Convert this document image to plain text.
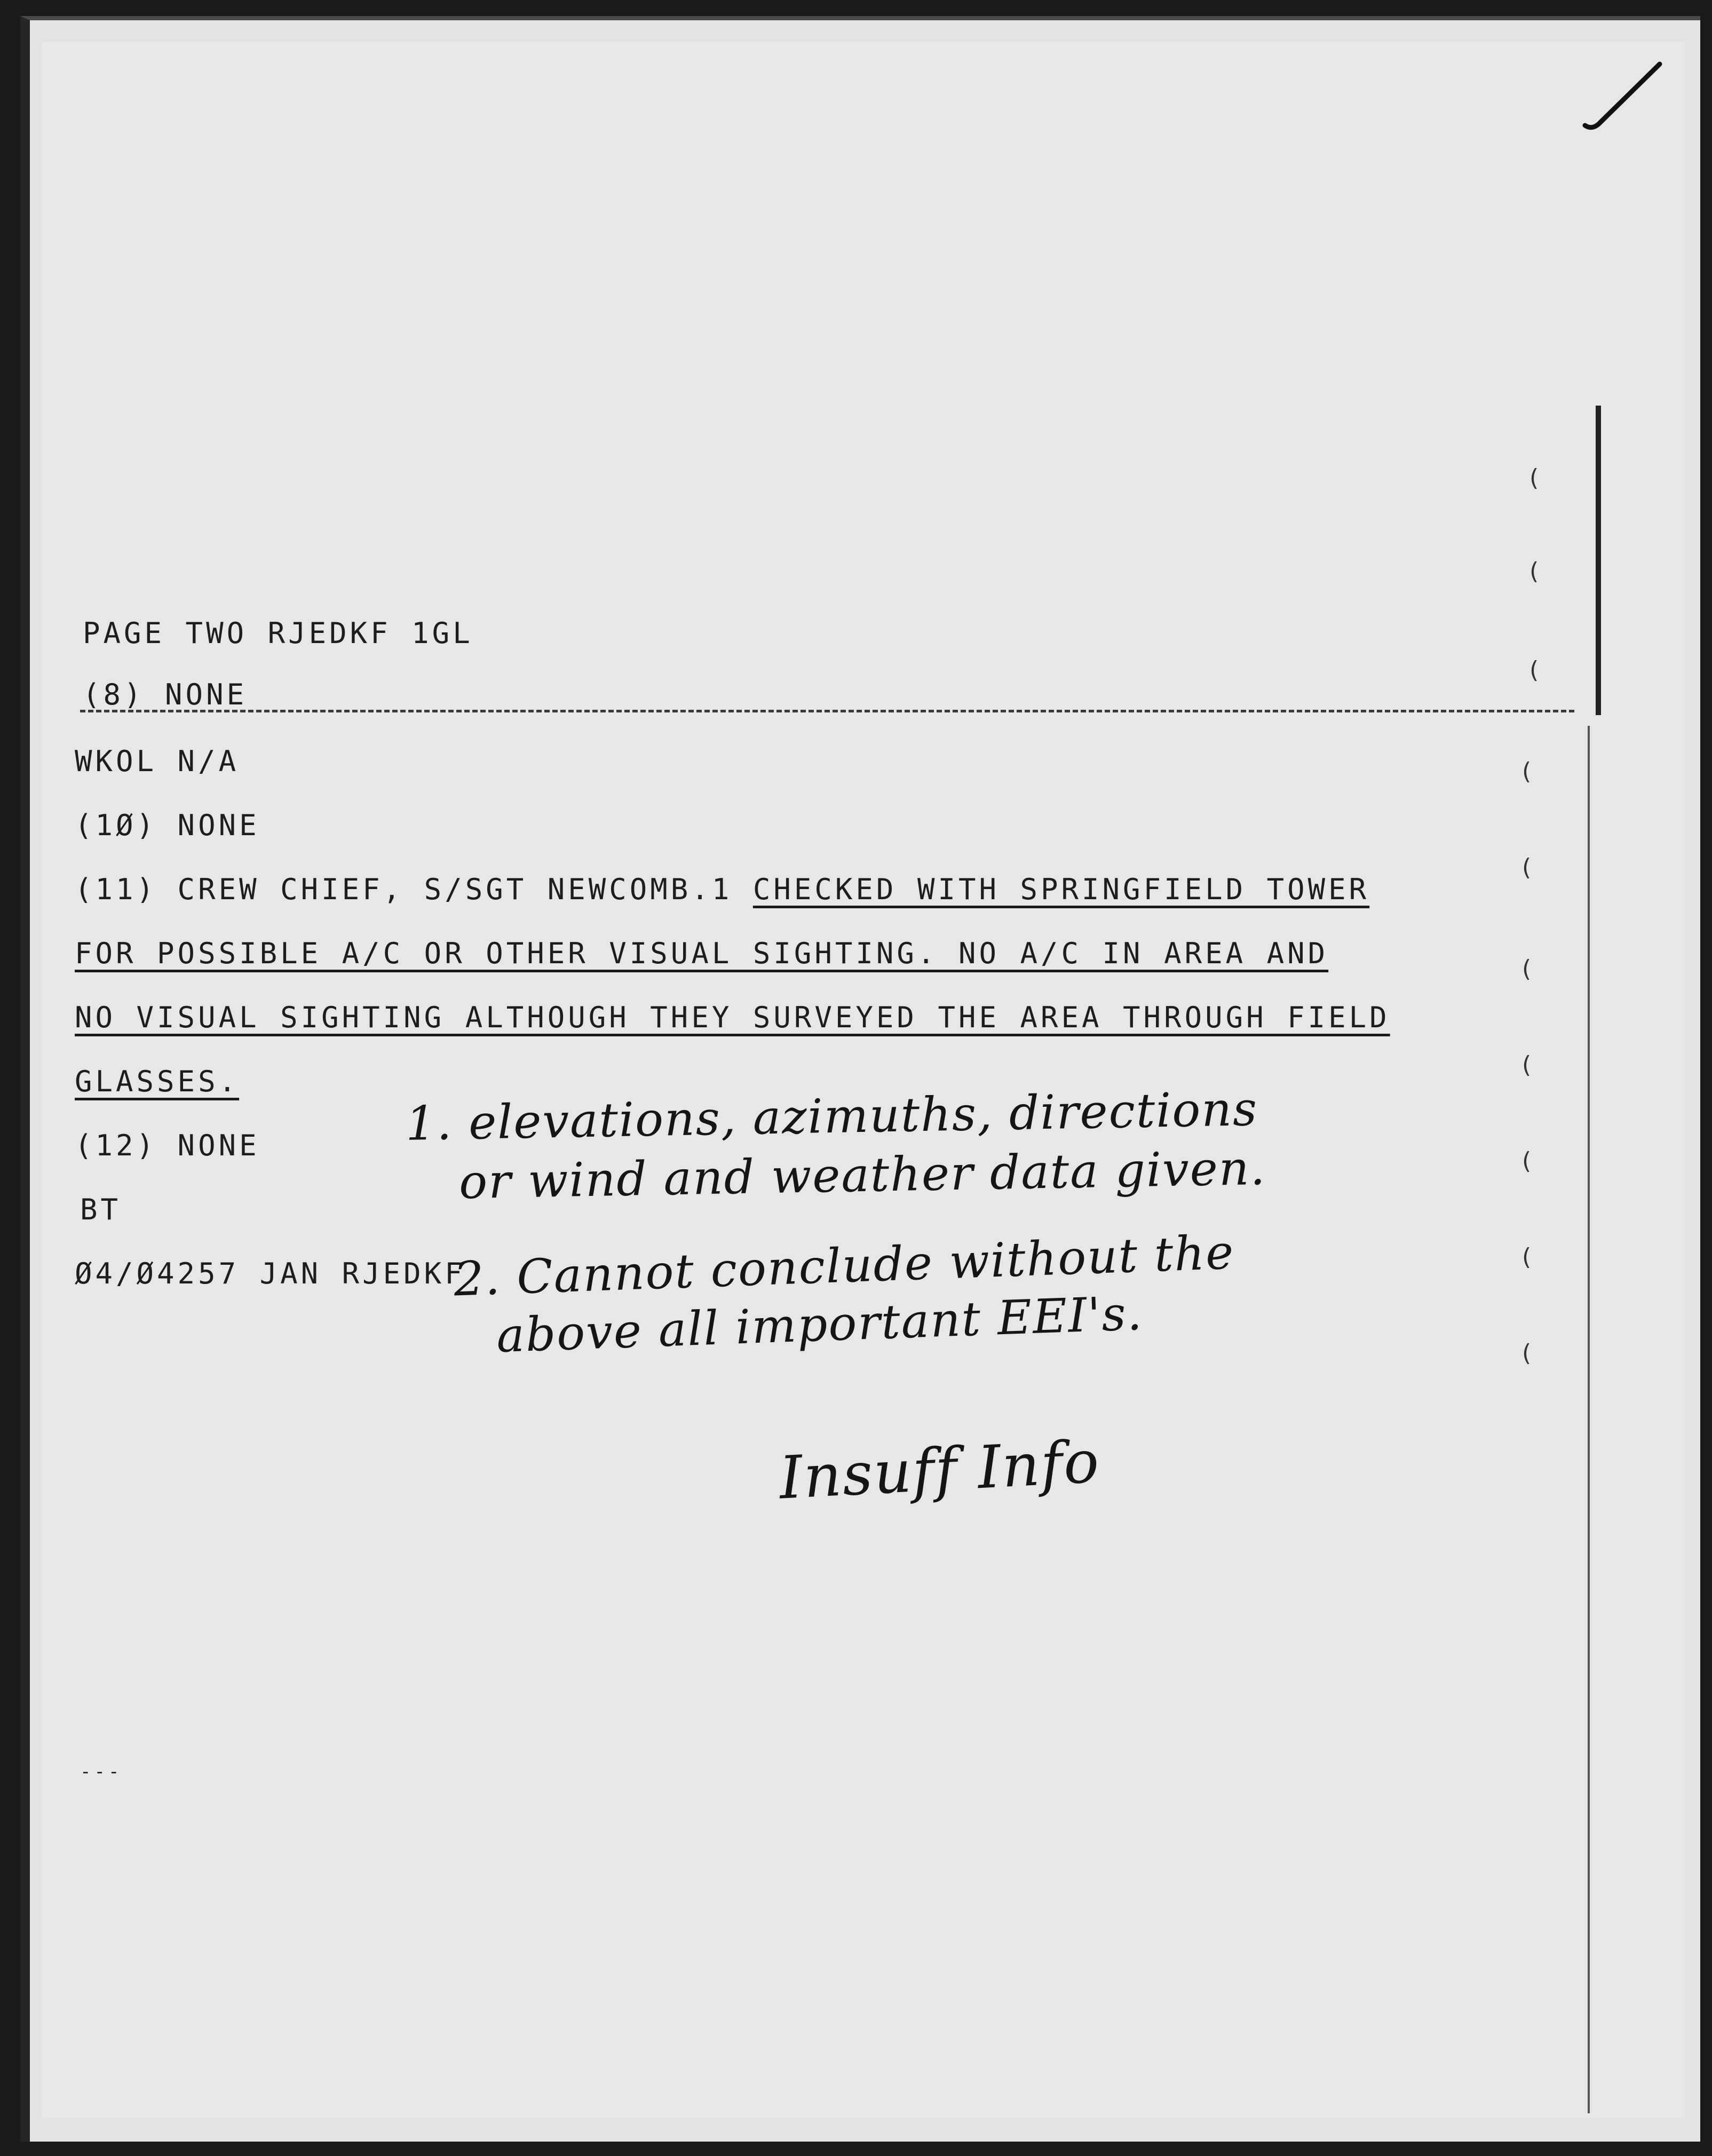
(
(
(
(
(
(
(
(
(
(
PAGE TWO RJEDKF 1GL
(8) NONE
WKOL N/A
(1Ø) NONE
(11) CREW CHIEF, S/SGT NEWCOMB.1 CHECKED WITH SPRINGFIELD TOWER
FOR POSSIBLE A/C OR OTHER VISUAL SIGHTING. NO A/C IN AREA AND
NO VISUAL SIGHTING ALTHOUGH THEY SURVEYED THE AREA THROUGH FIELD
GLASSES.
(12) NONE
BT
Ø4/Ø4257 JAN RJEDKF
---
1. elevations, azimuths, directions
or wind and weather data given.
2. Cannot conclude without the
above all important EEI's.
Insuff Info
